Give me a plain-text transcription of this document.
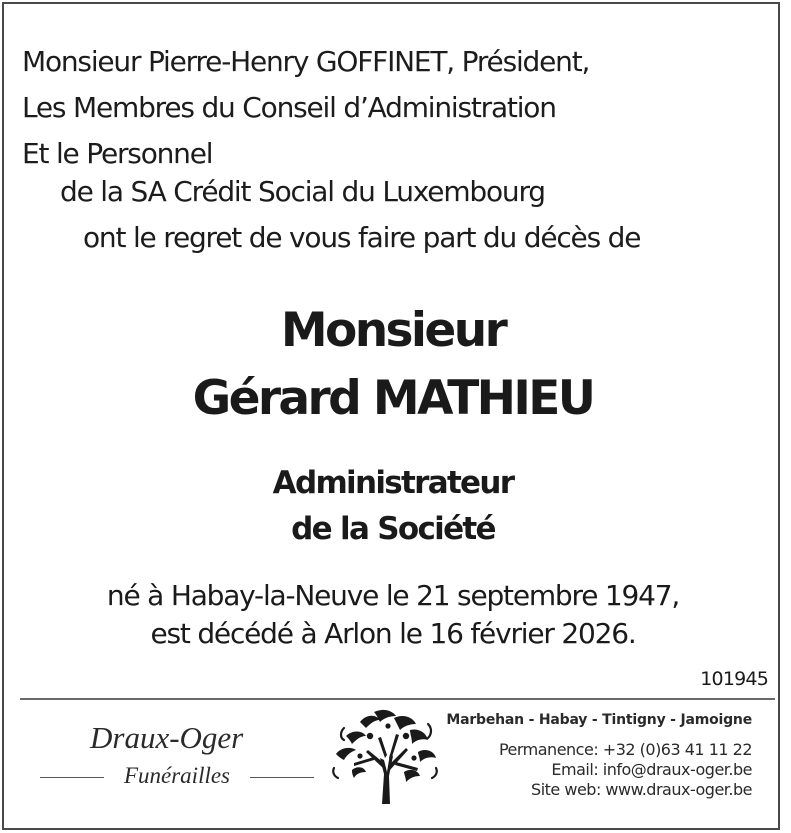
Monsieur Pierre-Henry GOFFINET, Président,
Les Membres du Conseil d’Administration
Et le Personnel
de la SA Crédit Social du Luxembourg
ont le regret de vous faire part du décès de
Monsieur
Gérard MATHIEU
Administrateur
de la Société
né à Habay-la-Neuve le 21 septembre 1947,
est décédé à Arlon le 16 février 2026.
101945
Draux-Oger
Funérailles
Marbehan - Habay - Tintigny - Jamoigne
Permanence: +32 (0)63 41 11 22
Email: info@draux-oger.be
Site web: www.draux-oger.be
